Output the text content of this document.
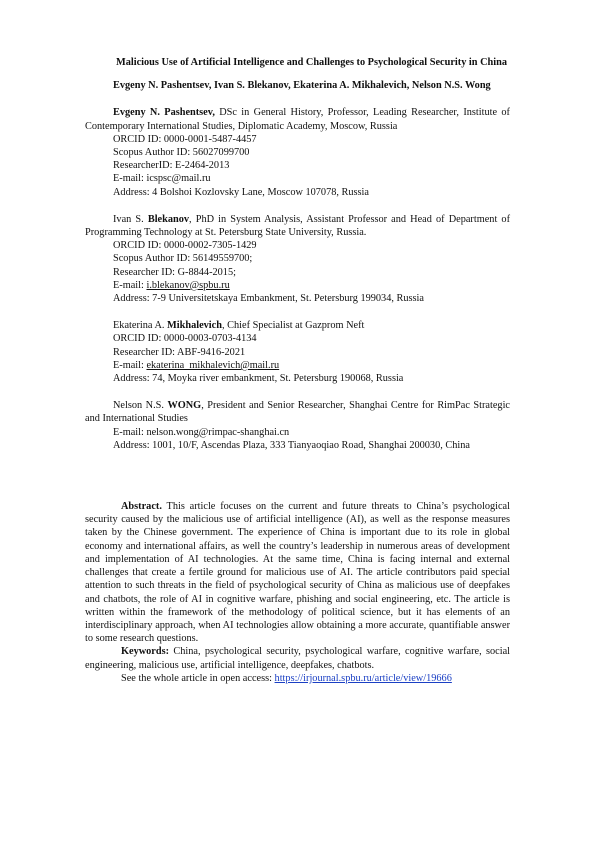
Malicious Use of Artificial Intelligence and Challenges to Psychological Security in China

Evgeny N. Pashentsev, Ivan S. Blekanov, Ekaterina A. Mikhalevich, Nelson N.S. Wong

Evgeny N. Pashentsev, DSc in General History, Professor, Leading Researcher, Institute of Contemporary International Studies, Diplomatic Academy, Moscow, Russia

ORCID ID: 0000-0001-5487-4457

Scopus Author ID: 56027099700

ResearcherID: E-2464-2013

E-mail: icspsc@mail.ru

Address: 4 Bolshoi Kozlovsky Lane, Moscow 107078, Russia

Ivan S. Blekanov, PhD in System Analysis, Assistant Professor and Head of Department of Programming Technology at St. Petersburg State University, Russia.

ORCID ID: 0000-0002-7305-1429

Scopus Author ID: 56149559700;

Researcher ID: G-8844-2015;

E-mail: i.blekanov@spbu.ru

Address: 7-9 Universitetskaya Embankment, St. Petersburg 199034, Russia

Ekaterina A. Mikhalevich, Chief Specialist at Gazprom Neft

ORCID ID: 0000-0003-0703-4134

Researcher ID: ABF-9416-2021

E-mail: ekaterina_mikhalevich@mail.ru

Address: 74, Moyka river embankment, St. Petersburg 190068, Russia

Nelson N.S. WONG, President and Senior Researcher, Shanghai Centre for RimPac Strategic and International Studies

E-mail: nelson.wong@rimpac-shanghai.cn

Address: 1001, 10/F, Ascendas Plaza, 333 Tianyaoqiao Road, Shanghai 200030, China

Abstract. This article focuses on the current and future threats to China’s psychological security caused by the malicious use of artificial intelligence (AI), as well as the response measures taken by the Chinese government. The experience of China is important due to its role in global economy and international affairs, as well the country’s leadership in numerous areas of development and implementation of AI technologies. At the same time, China is facing internal and external challenges that create a fertile ground for malicious use of AI. The article contributors paid special attention to such threats in the field of psychological security of China as malicious use of deepfakes and chatbots, the role of AI in cognitive warfare, phishing and social engineering, etc. The article is written within the framework of the methodology of political science, but it has elements of an interdisciplinary approach, when AI technologies allow obtaining a more accurate, quantifiable answer to some research questions.

Keywords: China, psychological security, psychological warfare, cognitive warfare, social engineering, malicious use, artificial intelligence, deepfakes, chatbots.

See the whole article in open access: https://irjournal.spbu.ru/article/view/19666
